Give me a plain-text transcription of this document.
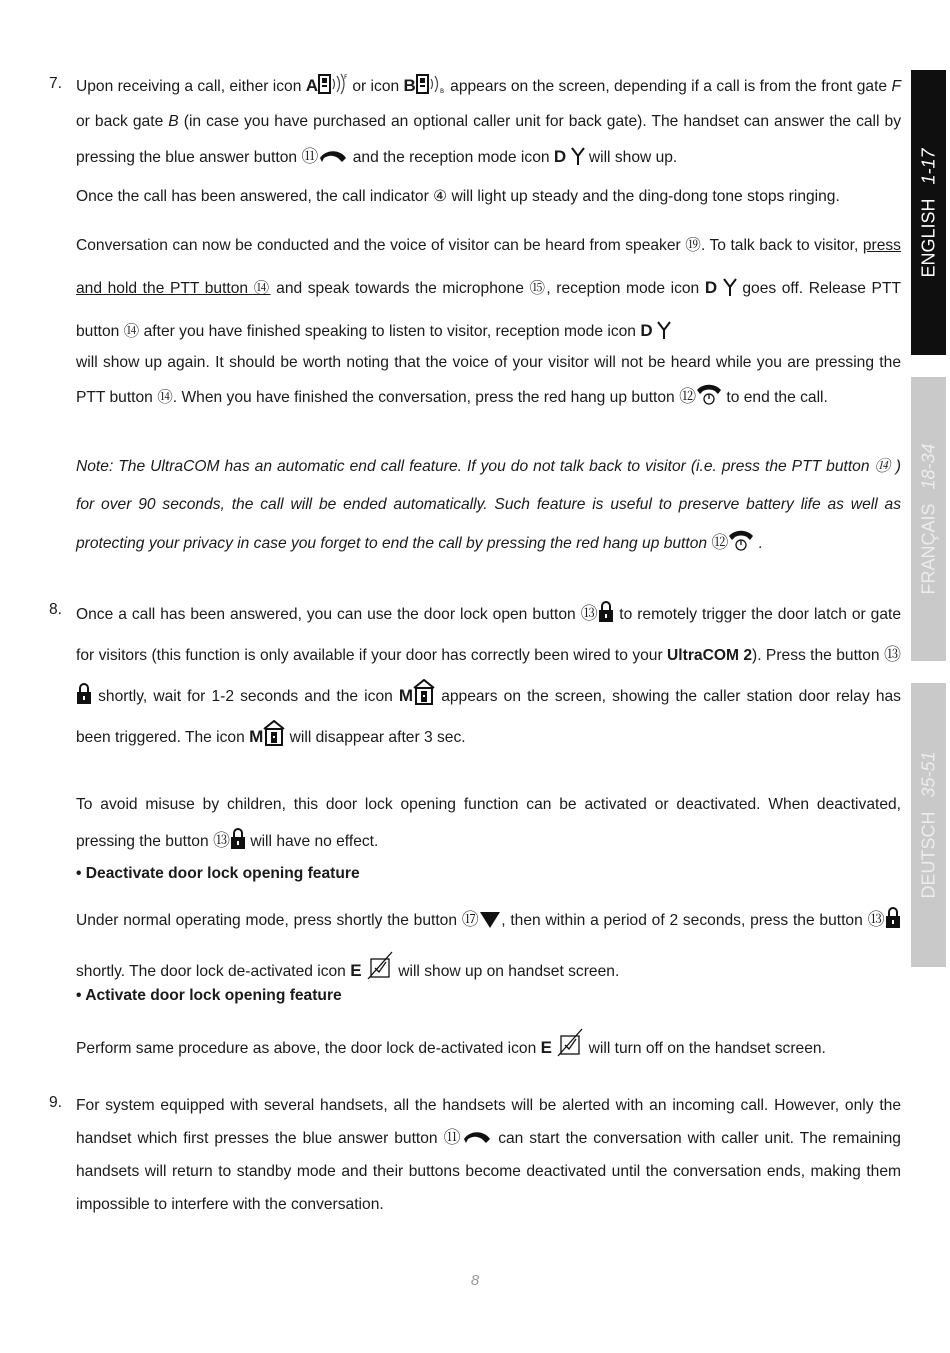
7. Upon receiving a call, either icon A	F
or icon B	B appears on the screen, depending if a call is from the front gate F or back gate B (in case you have purchased an optional caller unit for back gate). The handset can answer the call by pressing the blue answer button ⑪ and the reception mode icon D will show up.

Once the call has been answered, the call indicator ④ will light up steady and the ding-dong tone stops ringing.

Conversation can now be conducted and the voice of visitor can be heard from speaker ⑲. To talk back to visitor, press and hold the PTT button ⑭ and speak towards the microphone ⑮, reception mode icon D goes off. Release PTT button ⑭ after you have finished speaking to listen to visitor, reception mode icon D

will show up again. It should be worth noting that the voice of your visitor will not be heard while you are pressing the PTT button ⑭. When you have finished the conversation, press the red hang up button ⑫ to end the call.

Note: The UltraCOM has an automatic end call feature. If you do not talk back to visitor (i.e. press the PTT button ⑭ ) for over 90 seconds, the call will be ended automatically. Such feature is useful to preserve battery life as well as protecting your privacy in case you forget to end the call by pressing the red hang up button ⑫ .

8. Once a call has been answered, you can use the door lock open button ⑬ to remotely trigger the door latch or gate for visitors (this function is only available if your door has correctly been wired to your UltraCOM 2). Press the button ⑬ shortly, wait for 1-2 seconds and the icon M appears on the screen, showing the caller station door relay has been triggered. The icon M will disappear after 3 sec.

To avoid misuse by children, this door lock opening function can be activated or deactivated. When deactivated, pressing the button ⑬ will have no effect.

• Deactivate door lock opening feature

Under normal operating mode, press shortly the button ⑰ , then within a period of 2 seconds, press the button ⑬ shortly. The door lock de-activated icon E will show up on handset screen.

• Activate door lock opening feature

Perform same procedure as above, the door lock de-activated icon E will turn off on the handset screen.

9. For system equipped with several handsets, all the handsets will be alerted with an incoming call. However, only the handset which first presses the blue answer button ⑪ can start the conversation with caller unit. The remaining handsets will return to standby mode and their buttons become deactivated until the conversation ends, making them impossible to interfere with the conversation.

8
ENGLISH1-17
FRANÇAIS18-34
DEUTSCH35-51
